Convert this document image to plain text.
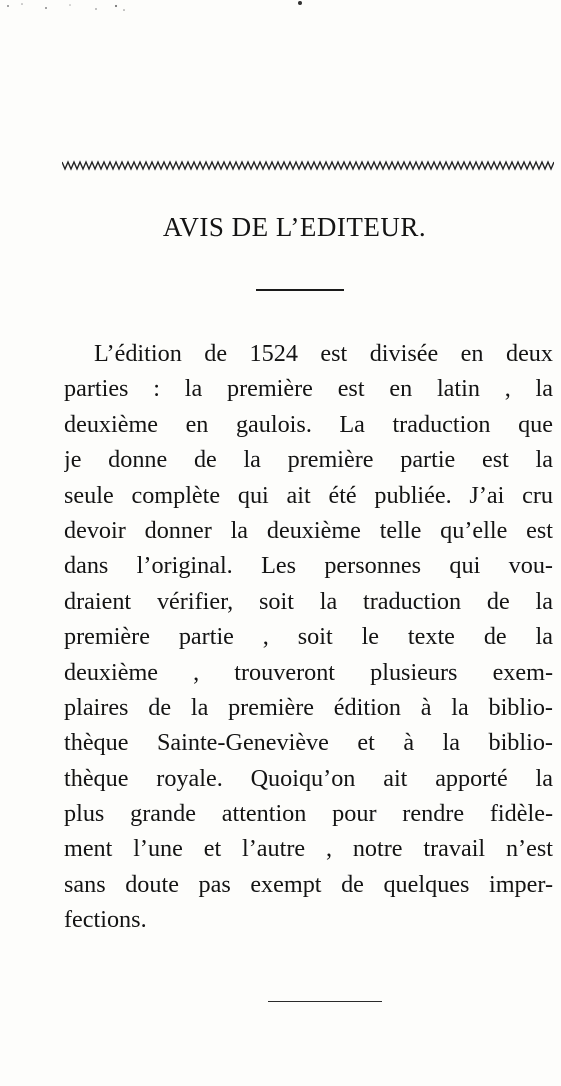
AVIS DE L’EDITEUR.
L’édition de 1524 est divisée en deux
parties : la première est en latin , la
deuxième en gaulois. La traduction que
je donne de la première partie est la
seule complète qui ait été publiée. J’ai cru
devoir donner la deuxième telle qu’elle est
dans l’original. Les personnes qui vou-
draient vérifier, soit la traduction de la
première partie , soit le texte de la
deuxième , trouveront plusieurs exem-
plaires de la première édition à la biblio-
thèque Sainte-Geneviève et à la biblio-
thèque royale. Quoiqu’on ait apporté la
plus grande attention pour rendre fidèle-
ment l’une et l’autre , notre travail n’est
sans doute pas exempt de quelques imper-
fections.
